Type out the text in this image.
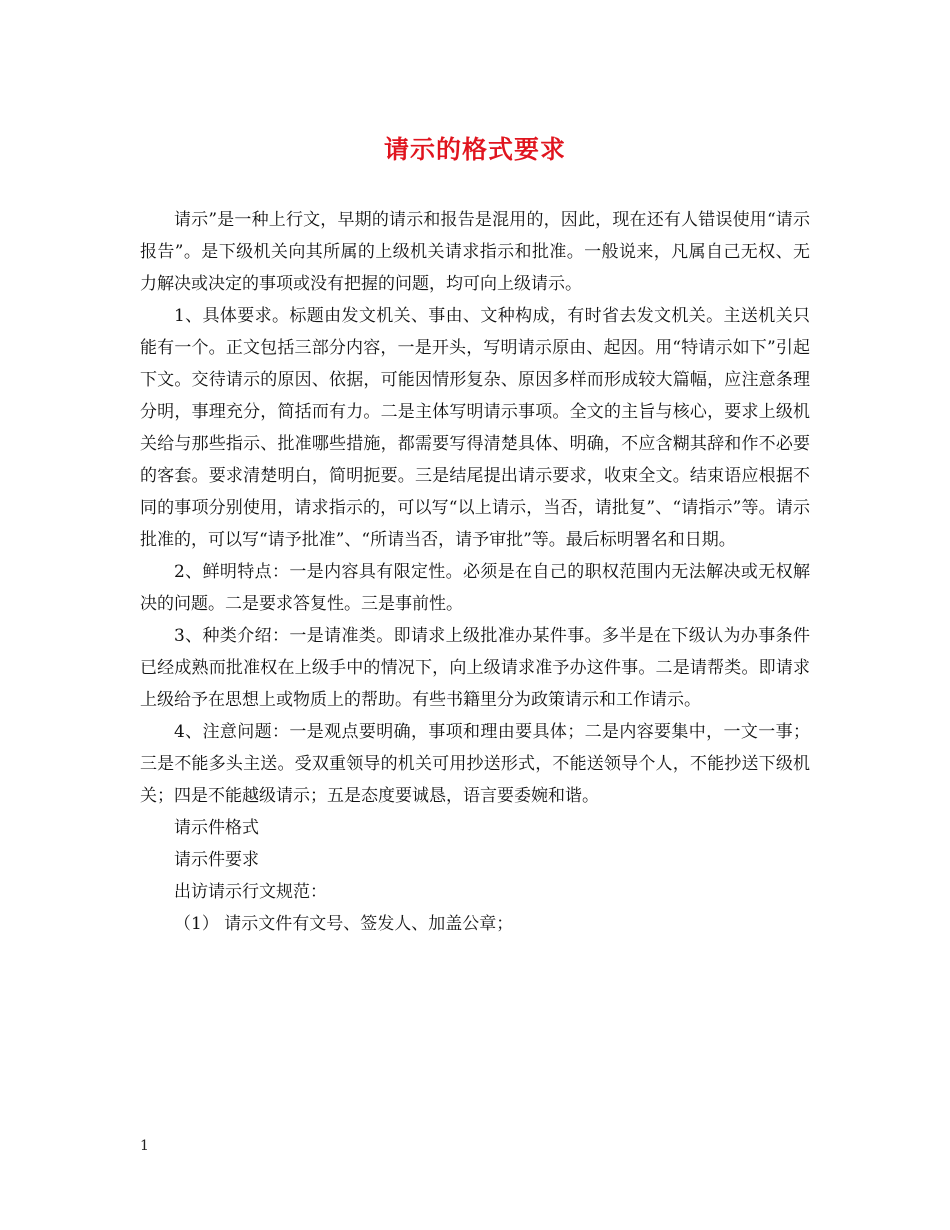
请示的格式要求

请示”是一种上行文，早期的请示和报告是混用的，因此，现在还有人错误使用“请示报告”。是下级机关向其所属的上级机关请求指示和批准。一般说来，凡属自己无权、无力解决或决定的事项或没有把握的问题，均可向上级请示。

1、具体要求。标题由发文机关、事由、文种构成，有时省去发文机关。主送机关只能有一个。正文包括三部分内容，一是开头，写明请示原由、起因。用“特请示如下”引起下文。交待请示的原因、依据，可能因情形复杂、原因多样而形成较大篇幅，应注意条理分明，事理充分，简括而有力。二是主体写明请示事项。全文的主旨与核心，要求上级机关给与那些指示、批准哪些措施，都需要写得清楚具体、明确，不应含糊其辞和作不必要的客套。要求清楚明白，简明扼要。三是结尾提出请示要求，收束全文。结束语应根据不同的事项分别使用，请求指示的，可以写“以上请示，当否，请批复”、“请指示”等。请示批准的，可以写“请予批准”、“所请当否，请予审批”等。最后标明署名和日期。

2、鲜明特点：一是内容具有限定性。必须是在自己的职权范围内无法解决或无权解决的问题。二是要求答复性。三是事前性。

3、种类介绍：一是请准类。即请求上级批准办某件事。多半是在下级认为办事条件已经成熟而批准权在上级手中的情况下，向上级请求准予办这件事。二是请帮类。即请求上级给予在思想上或物质上的帮助。有些书籍里分为政策请示和工作请示。

4、注意问题：一是观点要明确，事项和理由要具体；二是内容要集中，一文一事；三是不能多头主送。受双重领导的机关可用抄送形式，不能送领导个人，不能抄送下级机关；四是不能越级请示；五是态度要诚恳，语言要委婉和谐。

请示件格式

请示件要求

出访请示行文规范：

（1） 请示文件有文号、签发人、加盖公章；

1
